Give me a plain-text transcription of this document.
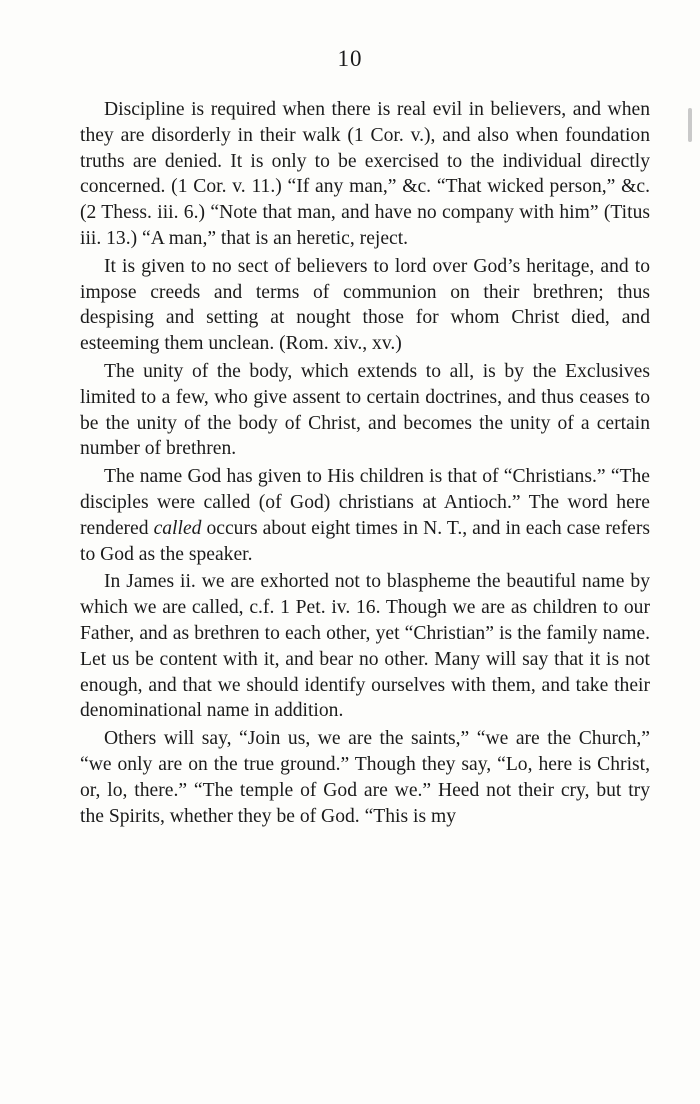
10

Discipline is required when there is real evil in believers, and when they are disorderly in their walk (1 Cor. v.), and also when foundation truths are denied. It is only to be exercised to the individual directly concerned. (1 Cor. v. 11.) “If any man,” &c. “That wicked person,” &c. (2 Thess. iii. 6.) “Note that man, and have no company with him” (Titus iii. 13.) “A man,” that is an heretic, reject.

It is given to no sect of believers to lord over God’s heritage, and to impose creeds and terms of communion on their brethren; thus despising and setting at nought those for whom Christ died, and esteeming them unclean. (Rom. xiv., xv.)

The unity of the body, which extends to all, is by the Exclusives limited to a few, who give assent to certain doctrines, and thus ceases to be the unity of the body of Christ, and becomes the unity of a certain number of brethren.

The name God has given to His children is that of “Christians.” “The disciples were called (of God) christians at Antioch.” The word here rendered called occurs about eight times in N. T., and in each case refers to God as the speaker.

In James ii. we are exhorted not to blaspheme the beautiful name by which we are called, c.f. 1 Pet. iv. 16. Though we are as children to our Father, and as brethren to each other, yet “Christian” is the family name. Let us be content with it, and bear no other. Many will say that it is not enough, and that we should identify ourselves with them, and take their denominational name in addition.

Others will say, “Join us, we are the saints,” “we are the Church,” “we only are on the true ground.” Though they say, “Lo, here is Christ, or, lo, there.” “The temple of God are we.” Heed not their cry, but try the Spirits, whether they be of God. “This is my
